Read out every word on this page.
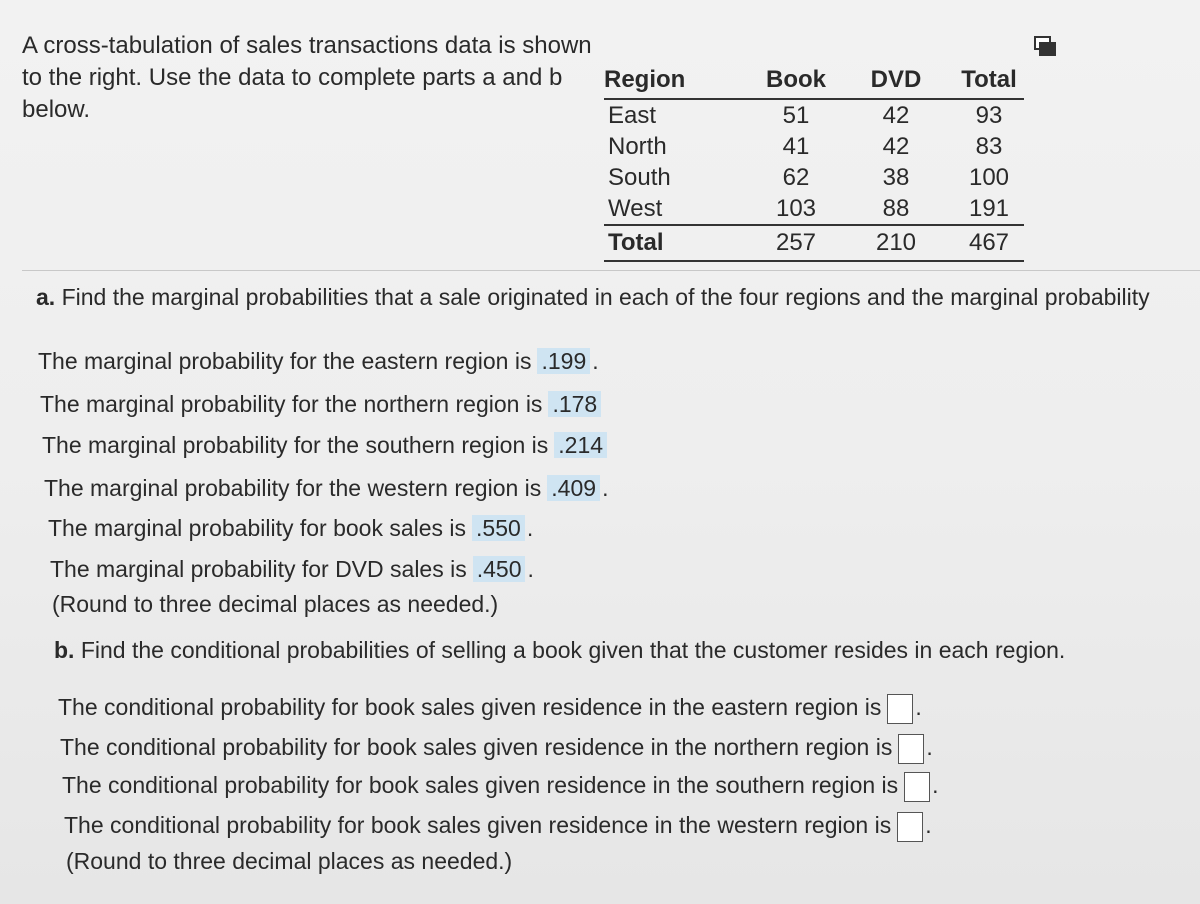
A cross-tabulation of sales transactions data is shown to the right. Use the data to complete parts a and b below.
Region	Book	DVD	Total
East	51	42	93
North	41	42	83
South	62	38	100
West	103	88	191
Total	257	210	467
a. Find the marginal probabilities that a sale originated in each of the four regions and the marginal probability
The marginal probability for the eastern region is .199 .
The marginal probability for the northern region is .178
The marginal probability for the southern region is .214
The marginal probability for the western region is .409 .
The marginal probability for book sales is .550 .
The marginal probability for DVD sales is .450 .
(Round to three decimal places as needed.)
b. Find the conditional probabilities of selling a book given that the customer resides in each region.
The conditional probability for book sales given residence in the eastern region is .
The conditional probability for book sales given residence in the northern region is .
The conditional probability for book sales given residence in the southern region is .
The conditional probability for book sales given residence in the western region is .
(Round to three decimal places as needed.)
